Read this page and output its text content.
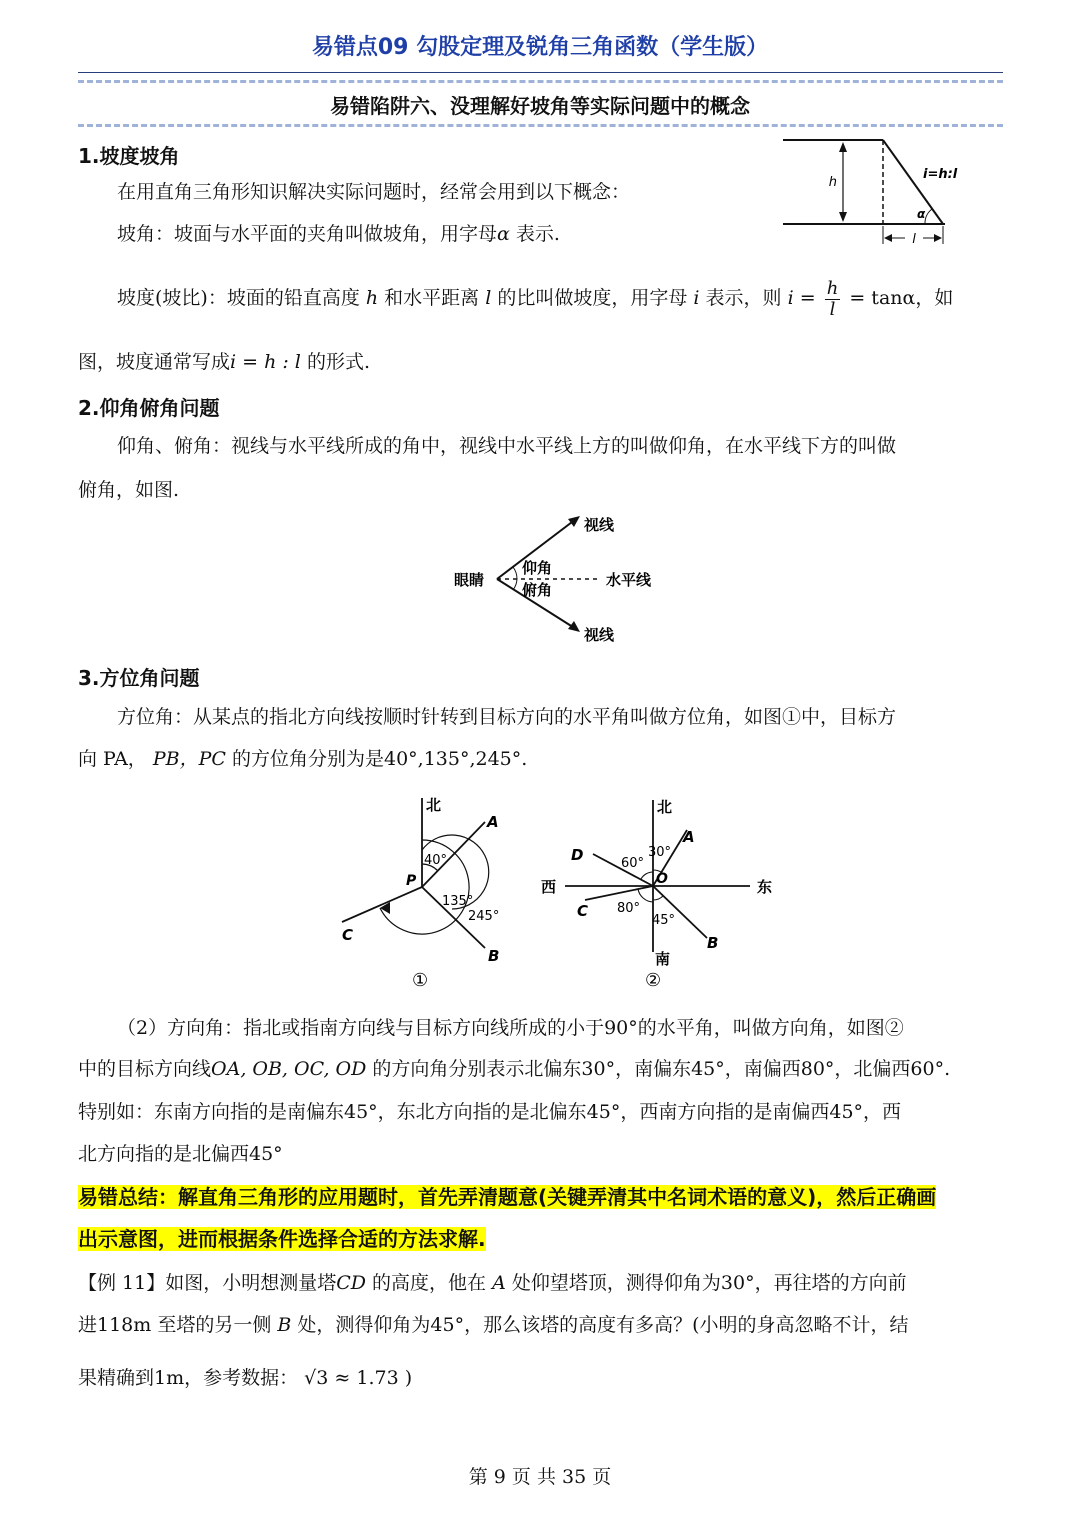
易错点09 勾股定理及锐角三角函数（学生版）
易错陷阱六、没理解好坡角等实际问题中的概念
1.坡度坡角
在用直角三角形知识解决实际问题时，经常会用到以下概念：
坡角：坡面与水平面的夹角叫做坡角，用字母α 表示.
坡度(坡比)：坡面的铅直高度 h 和水平距离 l 的比叫做坡度，用字母 i 表示，则 $i = \frac{h}{l} = \tan\alpha$，如
图，坡度通常写成i = h : l 的形式.
h
i=h:l
α
l
2.仰角俯角问题
仰角、俯角：视线与水平线所成的角中，视线中水平线上方的叫做仰角，在水平线下方的叫做
俯角，如图.
眼睛
视线
视线
仰角
俯角
水平线
3.方位角问题
方位角：从某点的指北方向线按顺时针转到目标方向的水平角叫做方位角，如图①中，目标方
向 PA， PB，PC 的方位角分别为是40°,135°,245°.
北
A
B
C
P
40°
135°
245°
①
北
南
东
西
A
B
C
D
O
60°
30°
80°
45°
②
（2）方向角：指北或指南方向线与目标方向线所成的小于90°的水平角，叫做方向角，如图②
中的目标方向线OA, OB, OC, OD 的方向角分别表示北偏东30°，南偏东45°，南偏西80°，北偏西60°.
特别如：东南方向指的是南偏东45°，东北方向指的是北偏东45°，西南方向指的是南偏西45°，西
北方向指的是北偏西45°
易错总结：解直角三角形的应用题时，首先弄清题意(关键弄清其中名词术语的意义)，然后正确画
出示意图，进而根据条件选择合适的方法求解.
【例 11】如图，小明想测量塔CD 的高度，他在 A 处仰望塔顶，测得仰角为30°，再往塔的方向前
进118m 至塔的另一侧 B 处，测得仰角为45°，那么该塔的高度有多高？(小明的身高忽略不计，结
果精确到1m，参考数据： √3 ≈ 1.73 )
第 9 页 共 35 页
